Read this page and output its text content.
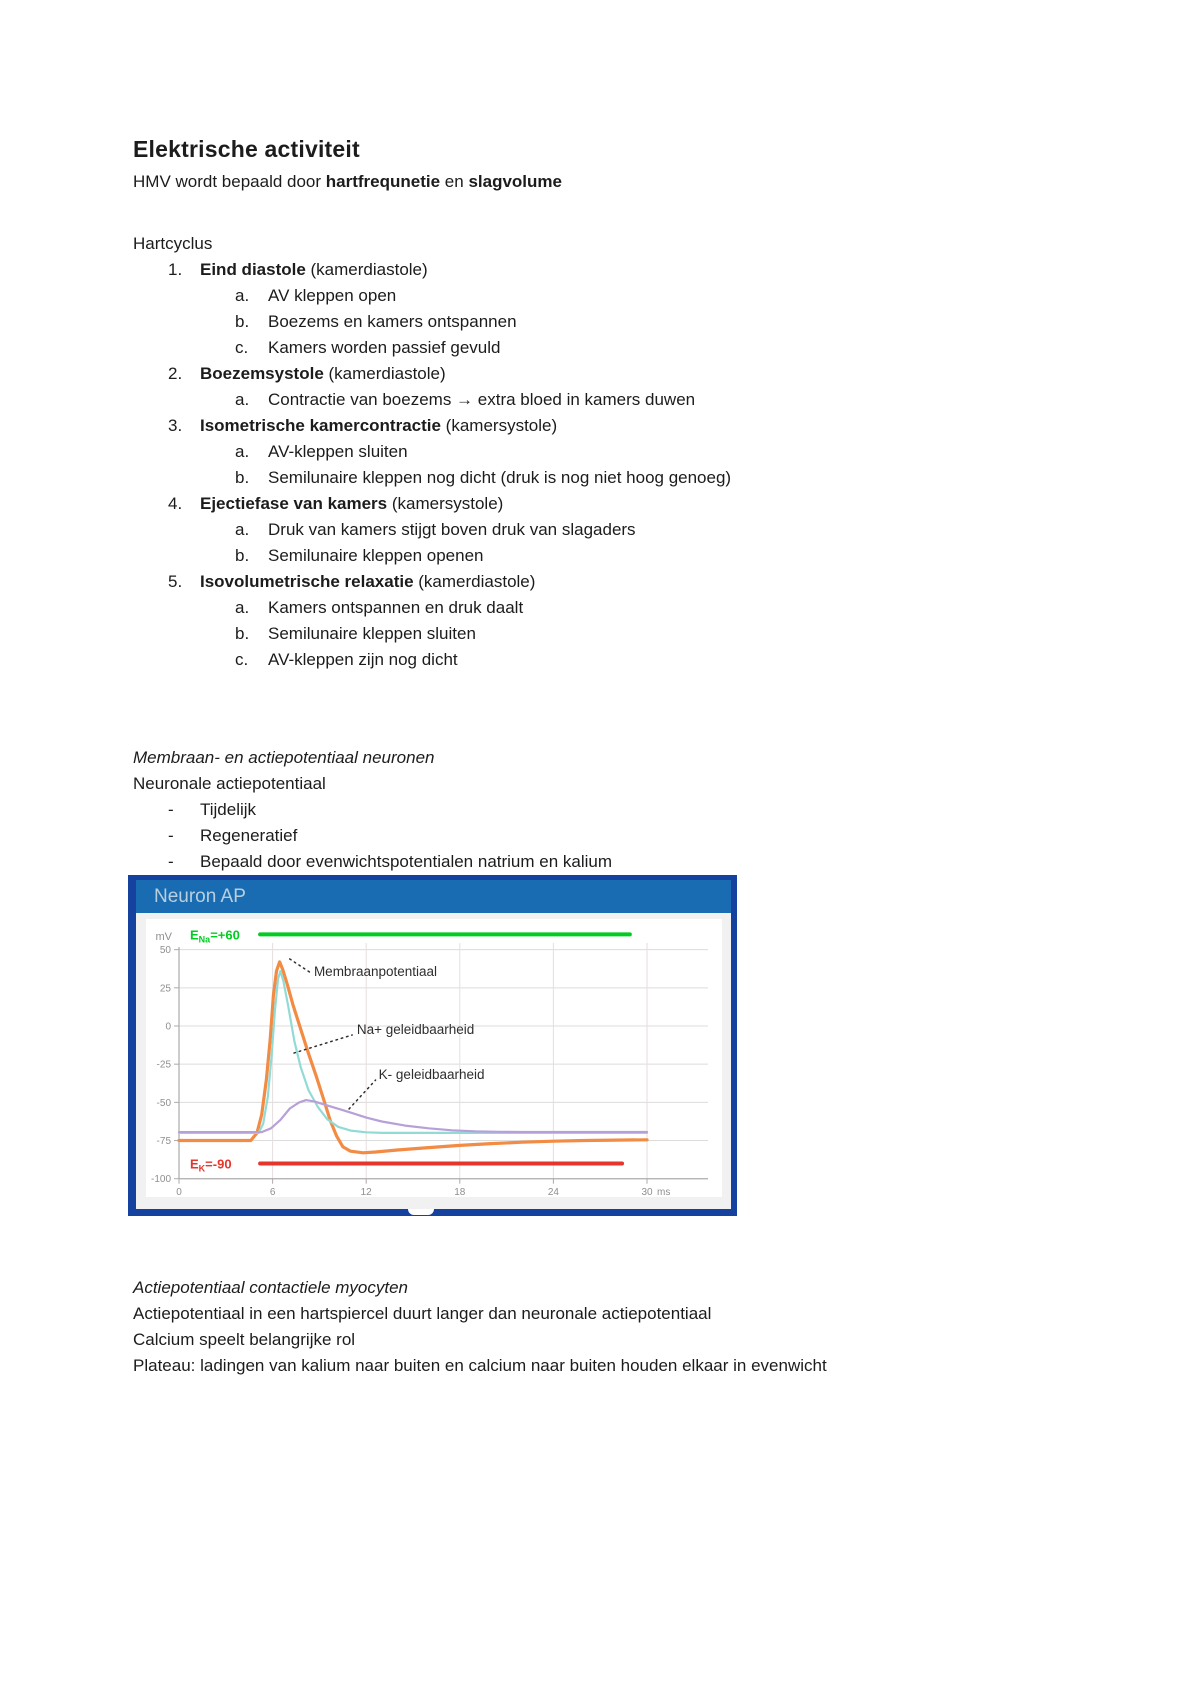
Elektrische activiteit

HMV wordt bepaald door hartfrequnetie en slagvolume

Hartcyclus

1.	Eind diastole (kamerdiastole)
a.	AV kleppen open
b.	Boezems en kamers ontspannen
c.	Kamers worden passief gevuld
2.	Boezemsystole (kamerdiastole)
a.	Contractie van boezems → extra bloed in kamers duwen
3.	Isometrische kamercontractie (kamersystole)
a.	AV-kleppen sluiten
b.	Semilunaire kleppen nog dicht (druk is nog niet hoog genoeg)
4.	Ejectiefase van kamers (kamersystole)
a.	Druk van kamers stijgt boven druk van slagaders
b.	Semilunaire kleppen openen
5.	Isovolumetrische relaxatie (kamerdiastole)
a.	Kamers ontspannen en druk daalt
b.	Semilunaire kleppen sluiten
c.	AV-kleppen zijn nog dicht

Membraan- en actiepotentiaal neuronen

Neuronale actiepotentiaal

-	Tijdelijk
-	Regeneratief
-	Bepaald door evenwichtspotentialen natrium en kalium
Neuron AP
50
25
0
-25
-50
-75
-100
0	6	12	18	24	30 ms
mV $E_{Na}=+60$
$E_K=-90$
Membraanpotentiaal
Na+ geleidbaarheid
K- geleidbaarheid

Actiepotentiaal contactiele myocyten

Actiepotentiaal in een hartspiercel duurt langer dan neuronale actiepotentiaal
Calcium speelt belangrijke rol
Plateau: ladingen van kalium naar buiten en calcium naar buiten houden elkaar in evenwicht
